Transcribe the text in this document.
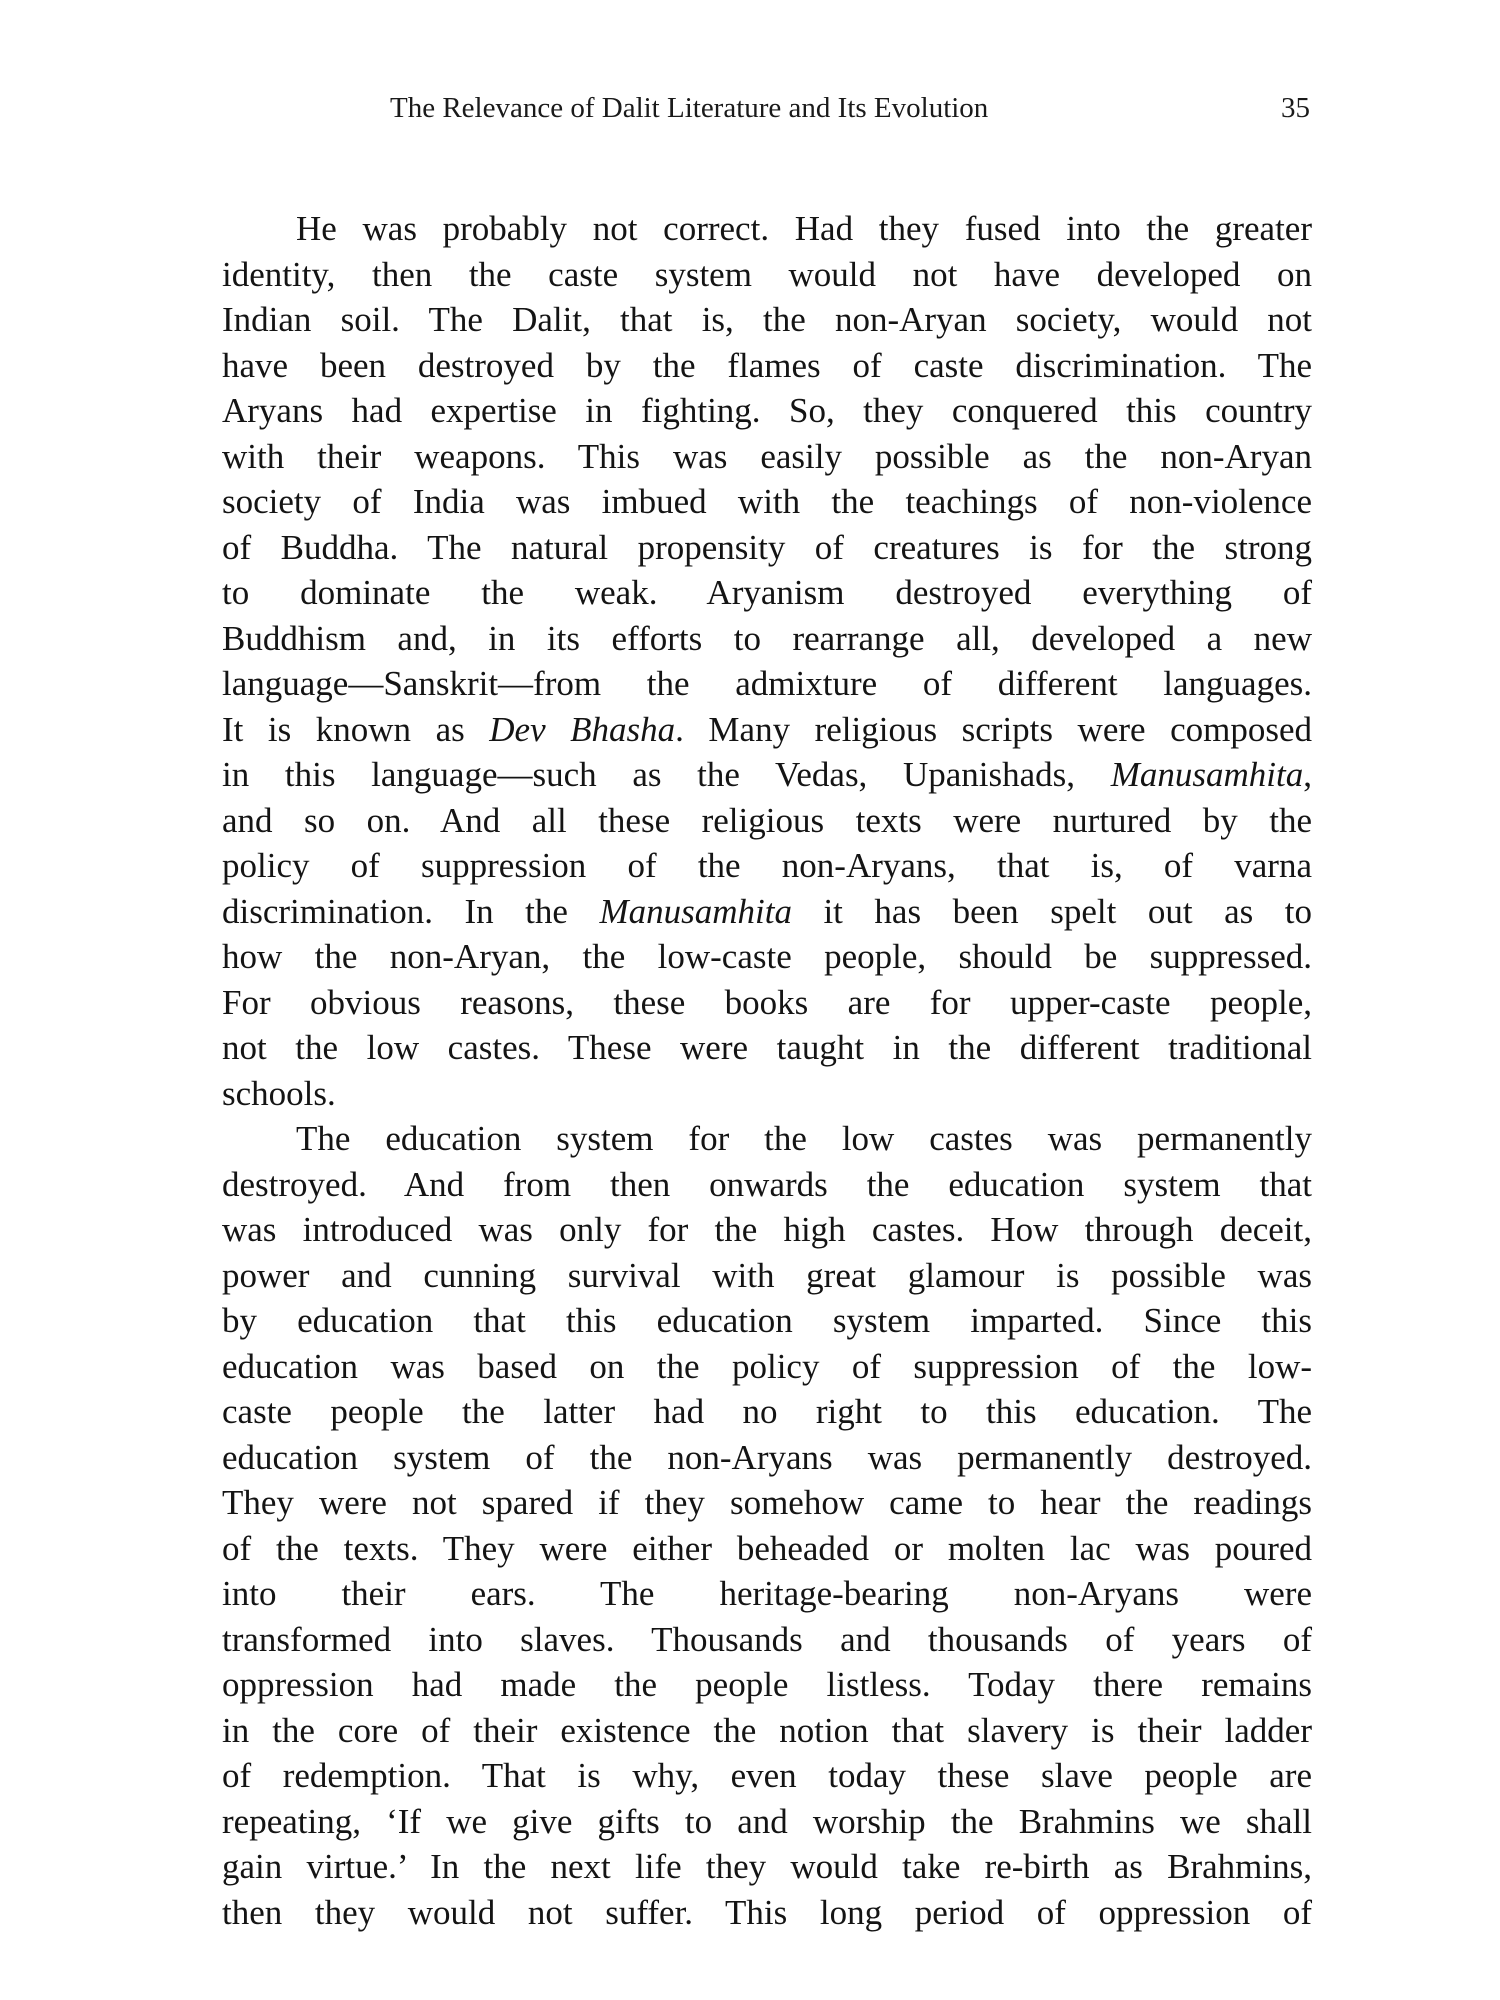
The Relevance of Dalit Literature and Its Evolution	35
He was probably not correct. Had they fused into the greater
identity, then the caste system would not have developed on
Indian soil. The Dalit, that is, the non-Aryan society, would not
have been destroyed by the flames of caste discrimination. The
Aryans had expertise in fighting. So, they conquered this country
with their weapons. This was easily possible as the non-Aryan
society of India was imbued with the teachings of non-violence
of Buddha. The natural propensity of creatures is for the strong
to dominate the weak. Aryanism destroyed everything of
Buddhism and, in its efforts to rearrange all, developed a new
language—Sanskrit—from the admixture of different languages.
It is known as Dev Bhasha. Many religious scripts were composed
in this language—such as the Vedas, Upanishads, Manusamhita,
and so on. And all these religious texts were nurtured by the
policy of suppression of the non-Aryans, that is, of varna
discrimination. In the Manusamhita it has been spelt out as to
how the non-Aryan, the low-caste people, should be suppressed.
For obvious reasons, these books are for upper-caste people,
not the low castes. These were taught in the different traditional
schools.
The education system for the low castes was permanently
destroyed. And from then onwards the education system that
was introduced was only for the high castes. How through deceit,
power and cunning survival with great glamour is possible was
by education that this education system imparted. Since this
education was based on the policy of suppression of the low-
caste people the latter had no right to this education. The
education system of the non-Aryans was permanently destroyed.
They were not spared if they somehow came to hear the readings
of the texts. They were either beheaded or molten lac was poured
into their ears. The heritage-bearing non-Aryans were
transformed into slaves. Thousands and thousands of years of
oppression had made the people listless. Today there remains
in the core of their existence the notion that slavery is their ladder
of redemption. That is why, even today these slave people are
repeating, ‘If we give gifts to and worship the Brahmins we shall
gain virtue.’ In the next life they would take re-birth as Brahmins,
then they would not suffer. This long period of oppression of
